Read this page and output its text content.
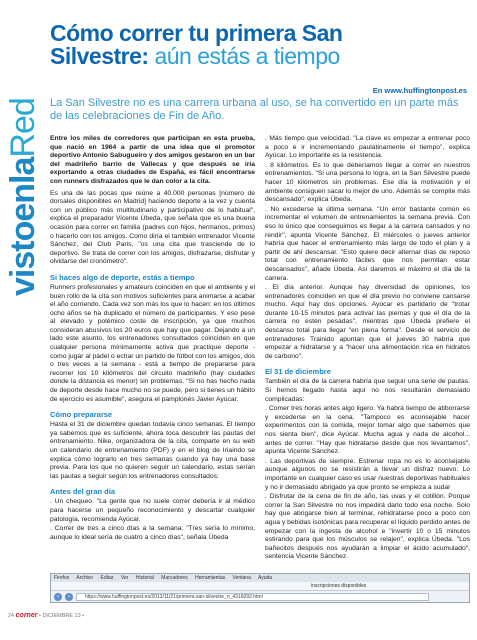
vistoenlaRed
Cómo correr tu primera San Silvestre: aún estás a tiempo
En www.huffingtonpost.es

La San Silvestre no es una carrera urbana al uso, se ha convertido en un parte más de las celebraciones de Fin de Año.

Entre los miles de corredores que participan en esta prueba, que nació en 1964 a partir de una idea que el promotor deportivo Antonio Sabugueiro y dos amigos gestaron en un bar del madrileño barrio de Vallecas y que después se iría exportando a otras ciudades de España, es fácil encontrarse con runners disfrazados que le dan color a la cita.

Es una de las pocas que reúne a 40.000 personas [número de dorsales disponibles en Madrid] haciendo deporte a la vez y cuenta con un público más multitudinario y participativo de lo habitual", explica el preparador Vicente Úbeda, que señala que es una buena ocasión para correr en familia (padres con hijos, hermanos, primos) o hacerlo con los amigos. Como diría el también entrenador Vicente Sánchez, del Club Paris, "os una cita que trasciende de lo deportivo. Se trata de correr con los amigos, disfrazarse, disfrutar y olvidarse del cronómetro".

Si haces algo de deporte, estás a tiempo

Runners profesionales y amateurs coinciden en que el ambiente y el buen rollo de la cita son motivos suficientes para animarse a acabar el año corriendo. Cada vez son más los que lo hacen: en los últimos ocho años se ha duplicado el número de participantes. Y eso pese al elevado y polémico coste de inscripción, ya que muchos consideran abusivos los 20 euros que hay que pagar. Dejando a un lado este asunto, los entrenadores consultados coinciden en que cualquier persona mínimamente activa que practique deporte - como jugar al pádel o echar un partido de fútbol con los amigos, dos o tres veces a la semana - está a tiempo de prepararse para recorrer los 10 kilómetros del circuito madrileño (hay ciudades donde la distancia es menor) sin problemas. "Si no has hecho nada de deporte desde hace mucho no se puede, pero si tienes un hábito de ejercicio es asumible", asegura el pamplonés Javier Ayúcar.

Cómo prepararse

Hasta el 31 de diciembre quedan todavía cinco semanas. El tiempo ya sabemos que es suficiente, ahora toca descubrir las pautas del entrenamiento. Nike, organizadora de la cita, comparte en su web un calendario de entrenamiento (PDF) y en el blog de Iriaindo se explica cómo lograrlo en tres semanas cuando ya hay una base previa. Para los que no quieren seguir un calendario, estas serían las pautas a seguir según los entrenadores consultados:

Antes del gran día

. Un chequeo. "La gente que no suele correr debería ir al médico para hacerse un pequeño reconocimiento y descartar cualquier patología, recomienda Ayúcar.

. Correr de tres a cinco días a la semana: "Tres sería lo mínimo, aunque lo ideal sería de cuatro a cinco días", señala Úbeda

. Más tiempo que velocidad. "La clave es empezar a entrenar poco a poco e ir incrementando paulatinamente el tiempo", explica Ayúcar. Lo importante es la resistencia.

. 8 kilómetros. Es lo que deberíamos llegar a correr en nuestros entrenamientos. "Si una persona lo logra, en la San Silvestre puede hacer 10 kilómetros sin problemas. Ese día la motivación y el ambiente consiguen sacar lo mejor de uno. Además se compite más descansado", explica Úbeda.

. No excederse la última semana. "Un error bastante común es incrementar el volumen de entrenamientos la semana previa. Con eso lo único que conseguimos es llegar a la carrera cansados y no rendir", apunta Vicente Sánchez. El miércoles o jueves anterior habría que hacer el entrenamiento más largo de todo el plan y a partir de ahí descansar. "Esto quiere decir alternar días de reposo total con entrenamiento fáciles que nos permitan estar descansados", añade Úbeda. Así daremos el máximo el día de la carrera.

. El día anterior. Aunque hay diversidad de opiniones, los entrenadores coinciden en que el día previo no conviene cansarse mucho. Aquí hay dos opciones. Ayúcar es partidario de "trotar durante 10-15 minutos para activar las piernas y que el día de la carrera no estén pesadas", mientras que Úbeda prefiere el descanso total para llegar "en plena forma". Desde el servicio de entrenadores Trainido apuntan que el jueves 30 habría que empezar a hidratarse y a "hacer una alimentación rica en hidratos de carbono".

El 31 de diciembre

También el día de la carrera habría que seguir una serie de pautas. Si hemos llegado hasta aquí no nos resultarán demasiado complicadas:

. Comer tres horas antes algo ligero. Ya habrá tiempo de atiborrarse y excederse en la cena. "Tampoco es aconsejable hacer experimentos con la comida, mejor tomar algo que sabemos que nos sienta bien", dice Ayúcar. Mucha agua y nada de alcohol... antes de correr. "Hay que hidratarse desde que nos levantamos", apunta Vicente Sánchez.

. Las deportivas de siempre. Estrenar ropa no es lo aconsejable aunque algunos no se resistirán a llevar un disfraz nuevo. Lo importante en cualquier caso es usar nuestras deportivas habituales y no ir demasiado abrigado ya que pronto se empieza a sudar

. Disfrutar de la cena de fin de año, las uvas y el cotillón. Porque correr la San Silvestre no nos impedirá darlo todo esa noche. Solo hay que abrigarse bien al terminar, rehidratarse poco a poco con agua y bebidas isotónicas para recuperar el líquido perdido antes de empezar con la ingesta de alcohol e "invertir 10 o 15 minutos estirando para que los músculos se relajen", explica Úbeda. "Los bañecitos después nos ayudarán a limpiar el ácido acumulado", sentencia Vicente Sánchez.

Firefox Archivo Editar Ver Historial Marcadores Herramientas Ventana Ayuda
inscripciones disponibles
‹	›	https://www.huffingtonpost.es/2013/11/21/primera-san-silvestre_n_4316092.html
24 corner • DICIEMBRE 13 •
